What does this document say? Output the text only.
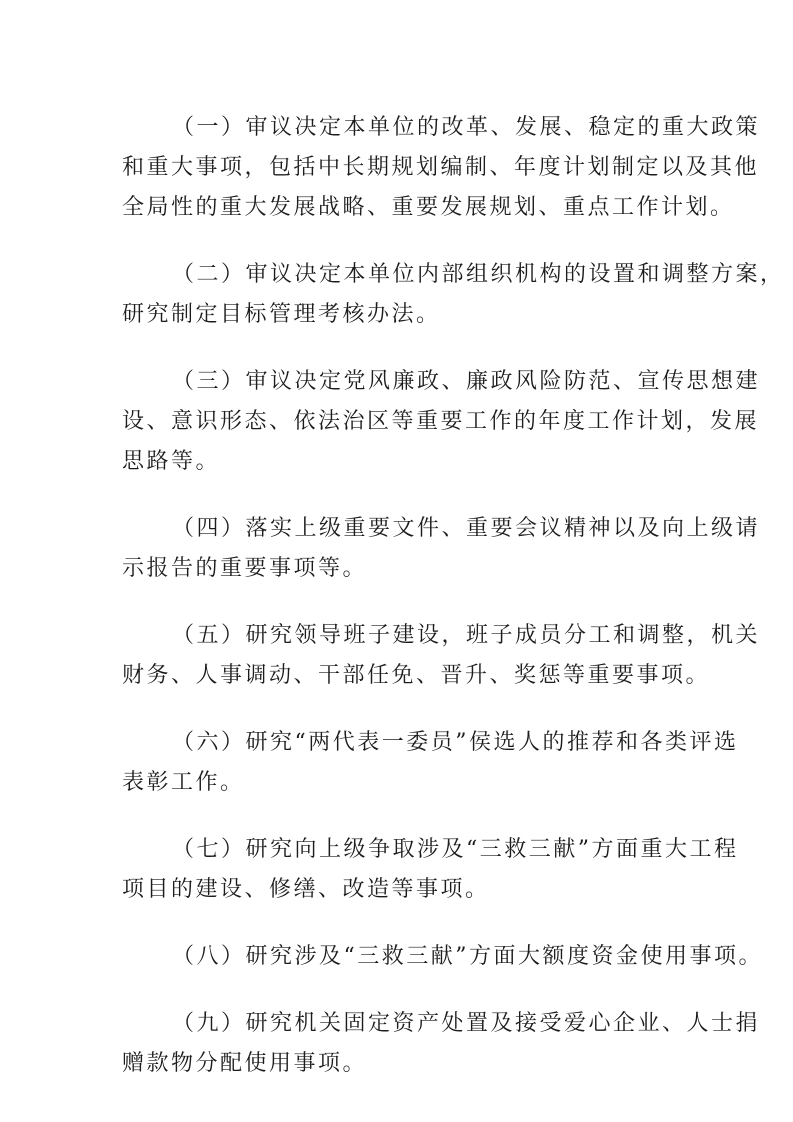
（一）审议决定本单位的改革、发展、稳定的重大政策
和重大事项，包括中长期规划编制、年度计划制定以及其他
全局性的重大发展战略、重要发展规划、重点工作计划。
（二）审议决定本单位内部组织机构的设置和调整方案，
研究制定目标管理考核办法。
（三）审议决定党风廉政、廉政风险防范、宣传思想建
设、意识形态、依法治区等重要工作的年度工作计划，发展
思路等。
（四）落实上级重要文件、重要会议精神以及向上级请
示报告的重要事项等。
（五）研究领导班子建设，班子成员分工和调整，机关
财务、人事调动、干部任免、晋升、奖惩等重要事项。
（六）研究“两代表一委员”侯选人的推荐和各类评选
表彰工作。
（七）研究向上级争取涉及“三救三献”方面重大工程
项目的建设、修缮、改造等事项。
（八）研究涉及“三救三献”方面大额度资金使用事项。
（九）研究机关固定资产处置及接受爱心企业、人士捐
赠款物分配使用事项。
